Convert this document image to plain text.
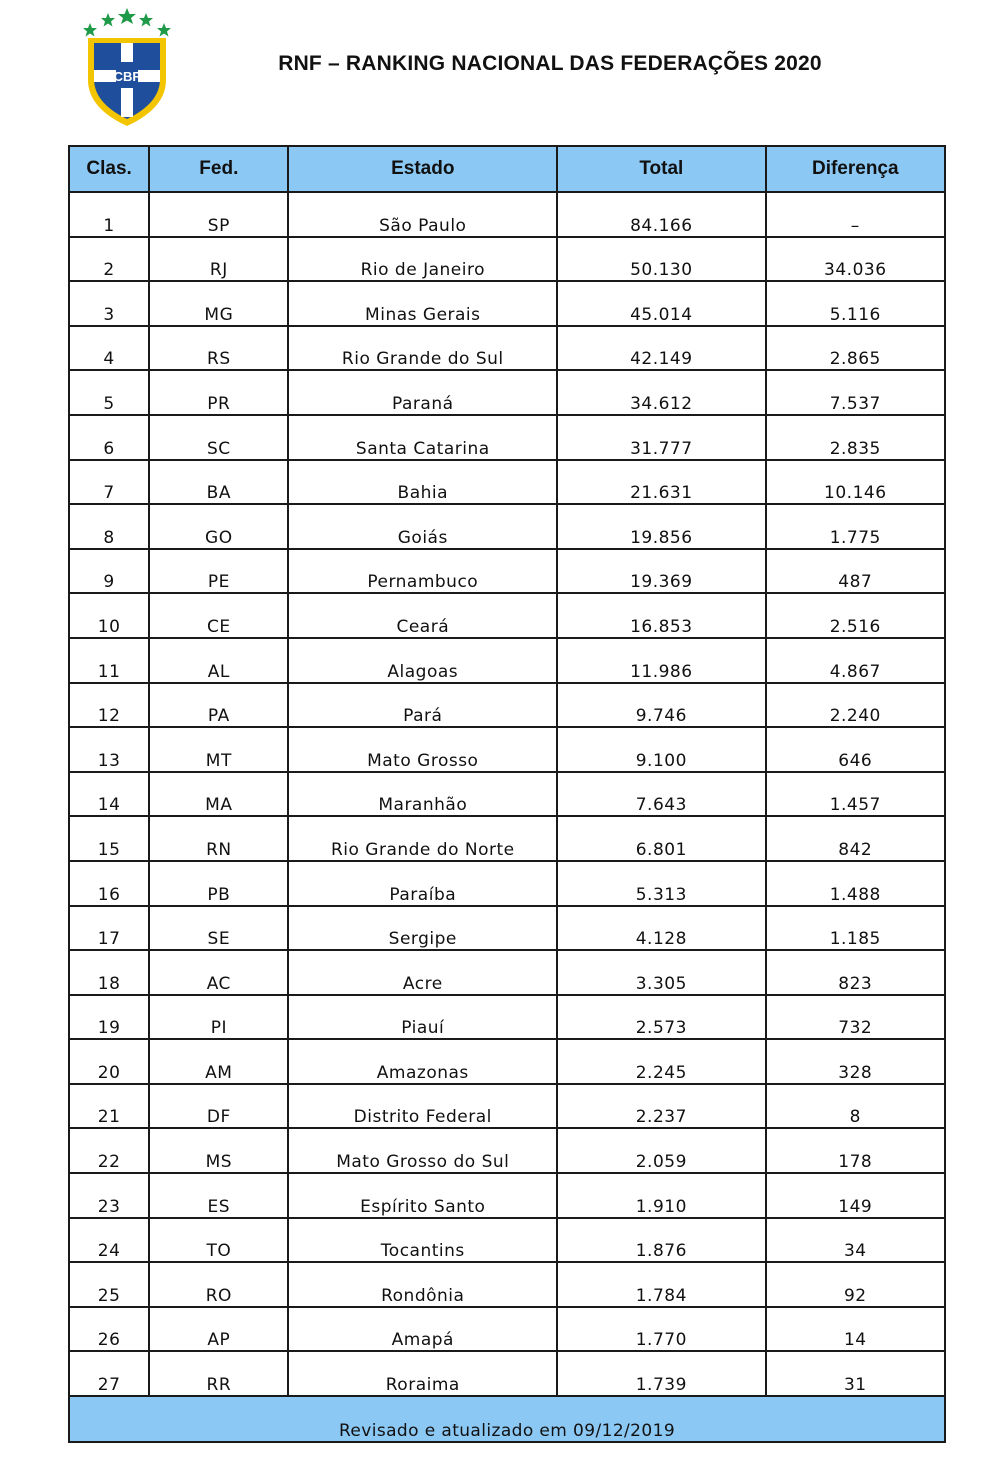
CBF
RNF – RANKING NACIONAL DAS FEDERAÇÕES 2020
Clas.	Fed.	Estado	Total	Diferença
1	SP	São Paulo	84.166	–
2	RJ	Rio de Janeiro	50.130	34.036
3	MG	Minas Gerais	45.014	5.116
4	RS	Rio Grande do Sul	42.149	2.865
5	PR	Paraná	34.612	7.537
6	SC	Santa Catarina	31.777	2.835
7	BA	Bahia	21.631	10.146
8	GO	Goiás	19.856	1.775
9	PE	Pernambuco	19.369	487
10	CE	Ceará	16.853	2.516
11	AL	Alagoas	11.986	4.867
12	PA	Pará	9.746	2.240
13	MT	Mato Grosso	9.100	646
14	MA	Maranhão	7.643	1.457
15	RN	Rio Grande do Norte	6.801	842
16	PB	Paraíba	5.313	1.488
17	SE	Sergipe	4.128	1.185
18	AC	Acre	3.305	823
19	PI	Piauí	2.573	732
20	AM	Amazonas	2.245	328
21	DF	Distrito Federal	2.237	8
22	MS	Mato Grosso do Sul	2.059	178
23	ES	Espírito Santo	1.910	149
24	TO	Tocantins	1.876	34
25	RO	Rondônia	1.784	92
26	AP	Amapá	1.770	14
27	RR	Roraima	1.739	31
Revisado e atualizado em 09/12/2019				
